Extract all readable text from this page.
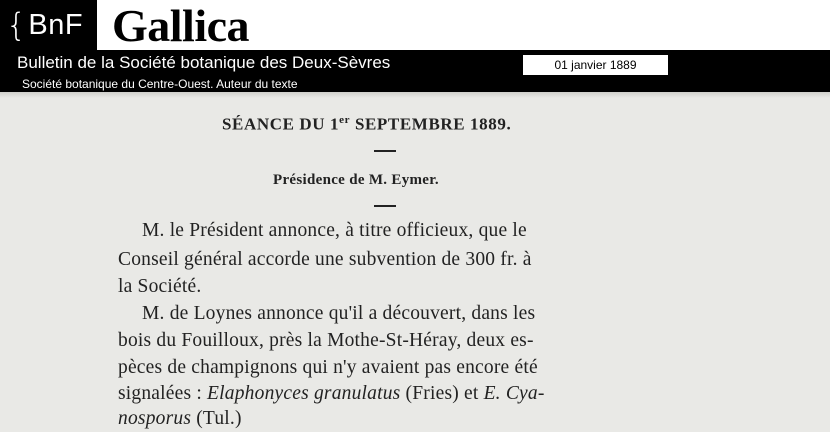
{ BnF Gallica
Bulletin de la Société botanique des Deux-Sèvres
Société botanique du Centre-Ouest. Auteur du texte
01 janvier 1889
SÉANCE DU 1er SEPTEMBRE 1889.
Présidence de M. Eymer.
M. le Président annonce, à titre officieux, que le
Conseil général accorde une subvention de 300 fr. à
la Société.
M. de Loynes annonce qu'il a découvert, dans les
bois du Fouilloux, près la Mothe-St-Héray, deux es-
pèces de champignons qui n'y avaient pas encore été
signalées : Elaphonyces granulatus (Fries) et E. Cya-
nosporus (Tul.)
